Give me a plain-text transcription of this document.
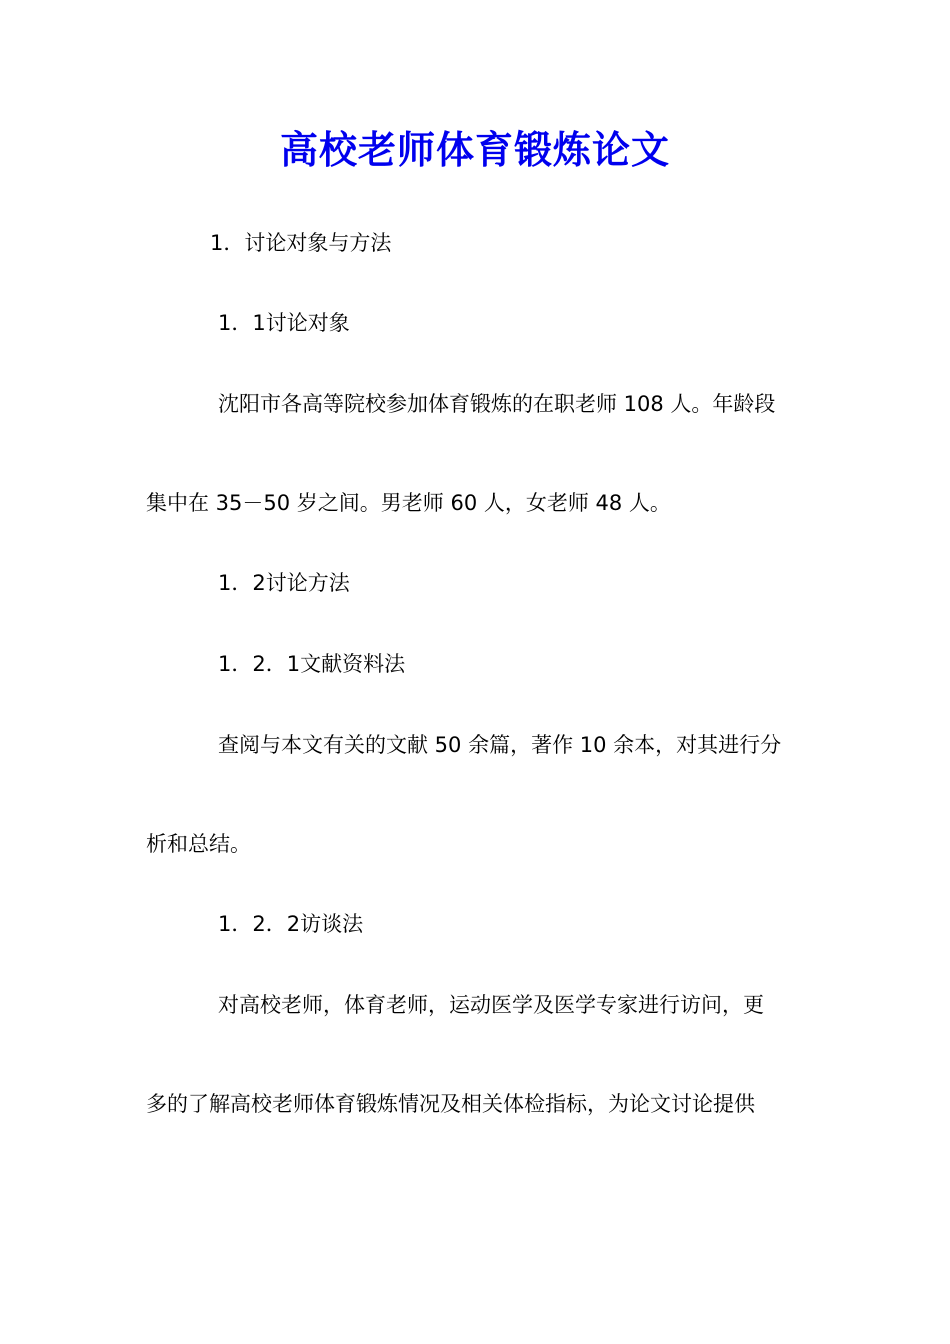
高校老师体育锻炼论文
1．讨论对象与方法
1．1讨论对象
沈阳市各高等院校参加体育锻炼的在职老师 108 人。年龄段
集中在 35－50 岁之间。男老师 60 人，女老师 48 人。
1．2讨论方法
1．2．1文献资料法
查阅与本文有关的文献 50 余篇，著作 10 余本，对其进行分
析和总结。
1．2．2访谈法
对高校老师，体育老师，运动医学及医学专家进行访问，更
多的了解高校老师体育锻炼情况及相关体检指标，为论文讨论提供
